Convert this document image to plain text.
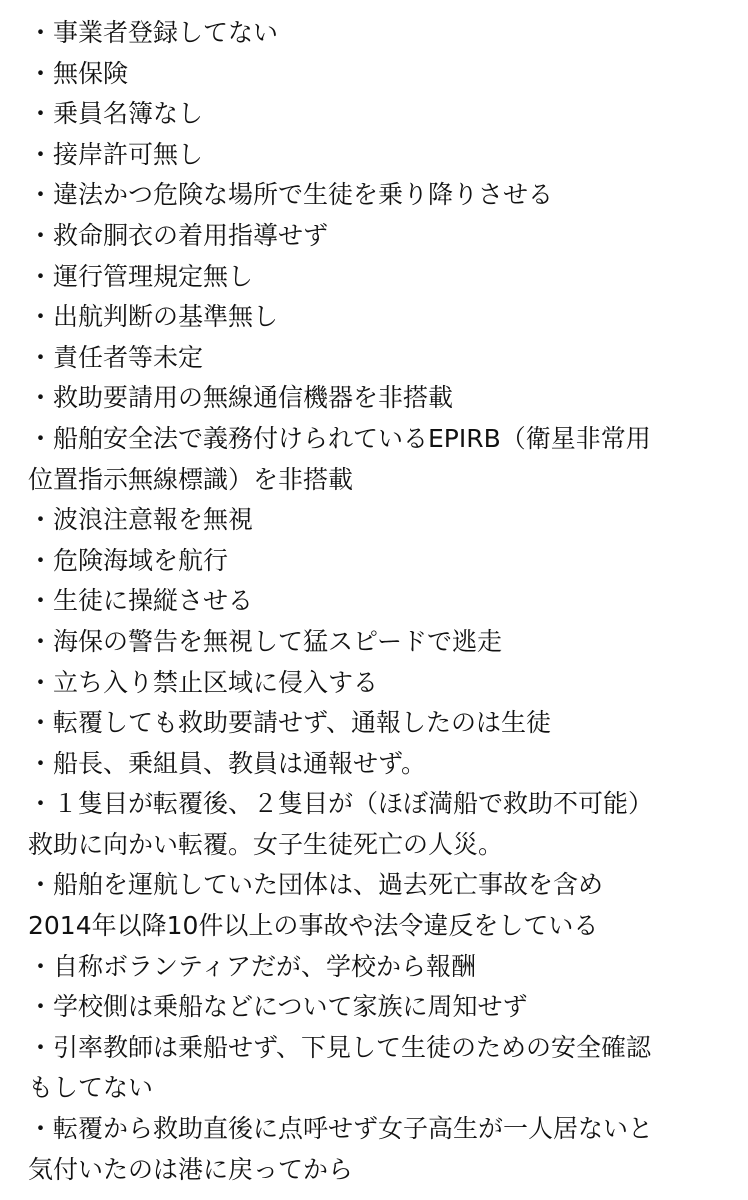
・事業者登録してない
・無保険
・乗員名簿なし
・接岸許可無し
・違法かつ危険な場所で生徒を乗り降りさせる
・救命胴衣の着用指導せず
・運行管理規定無し
・出航判断の基準無し
・責任者等未定
・救助要請用の無線通信機器を非搭載
・船舶安全法で義務付けられているEPIRB（衛星非常用
位置指示無線標識）を非搭載
・波浪注意報を無視
・危険海域を航行
・生徒に操縦させる
・海保の警告を無視して猛スピードで逃走
・立ち入り禁止区域に侵入する
・転覆しても救助要請せず、通報したのは生徒
・船長、乗組員、教員は通報せず。
・１隻目が転覆後、２隻目が（ほぼ満船で救助不可能）
救助に向かい転覆。女子生徒死亡の人災。
・船舶を運航していた団体は、過去死亡事故を含め
2014年以降10件以上の事故や法令違反をしている
・自称ボランティアだが、学校から報酬
・学校側は乗船などについて家族に周知せず
・引率教師は乗船せず、下見して生徒のための安全確認
もしてない
・転覆から救助直後に点呼せず女子高生が一人居ないと
気付いたのは港に戻ってから
